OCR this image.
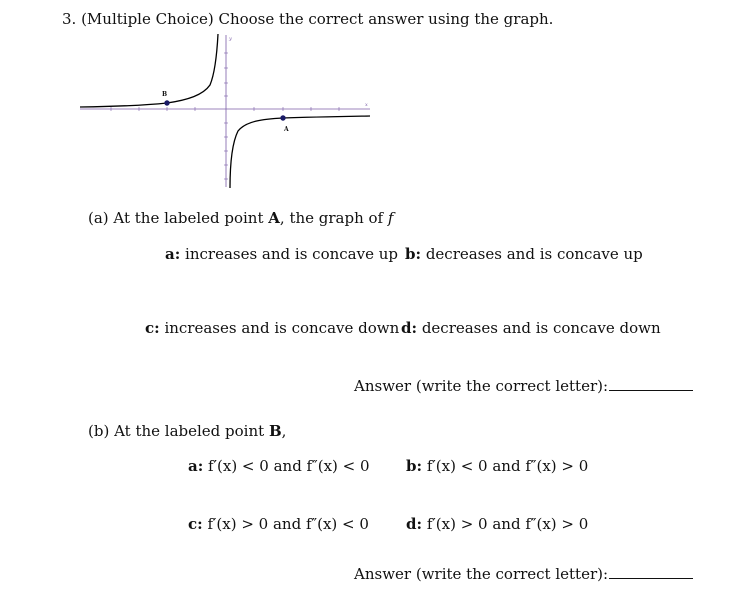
3. (Multiple Choice) Choose the correct answer using the graph.
y
x
B
A
(a) At the labeled point A, the graph of f
a: increases and is concave up b: decreases and is concave up
c: increases and is concave down d: decreases and is concave down
Answer (write the correct letter):
(b) At the labeled point B,
a: f′(x) < 0 and f″(x) < 0 b: f′(x) < 0 and f″(x) > 0
c: f′(x) > 0 and f″(x) < 0 d: f′(x) > 0 and f″(x) > 0
Answer (write the correct letter):
